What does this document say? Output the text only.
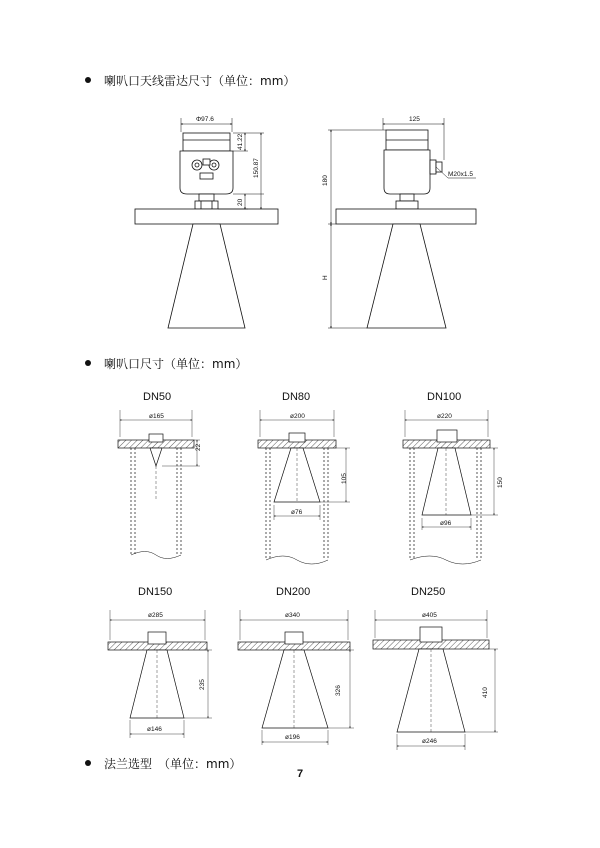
喇叭口天线雷达尺寸（单位：mm）
喇叭口尺寸（单位：mm）
法兰选型　（单位：mm）
Φ97.6
41.22
150.87
20
125
M20x1.5
180
H
DN50
ø165
22
DN80
ø200
105
ø76
DN100
ø220
150
ø96
DN150
ø285
235
ø146
DN200
ø340
326
ø196
DN250
ø405
410
ø246
7
